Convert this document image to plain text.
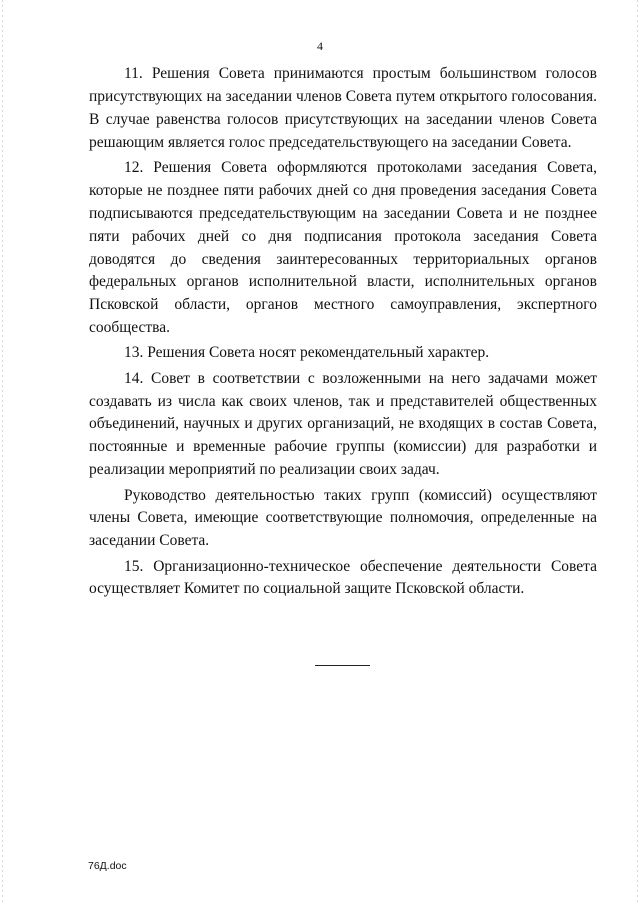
4

11. Решения Совета принимаются простым большинством голосов присутствующих на заседании членов Совета путем открытого голосования. В случае равенства голосов присутствующих на заседании членов Совета решающим является голос председательствующего на заседании Совета.

12. Решения Совета оформляются протоколами заседания Совета, которые не позднее пяти рабочих дней со дня проведения заседания Совета подписываются председательствующим на заседании Совета и не позднее пяти рабочих дней со дня подписания протокола заседания Совета доводятся до сведения заинтересованных территориальных органов федеральных органов исполнительной власти, исполнительных органов Псковской области, органов местного самоуправления, экспертного сообщества.

13. Решения Совета носят рекомендательный характер.

14. Совет в соответствии с возложенными на него задачами может создавать из числа как своих членов, так и представителей общественных объединений, научных и других организаций, не входящих в состав Совета, постоянные и временные рабочие группы (комиссии) для разработки и реализации мероприятий по реализации своих задач.

Руководство деятельностью таких групп (комиссий) осуществляют члены Совета, имеющие соответствующие полномочия, определенные на заседании Совета.

15. Организационно-техническое обеспечение деятельности Совета осуществляет Комитет по социальной защите Псковской области.

76Д.doc
